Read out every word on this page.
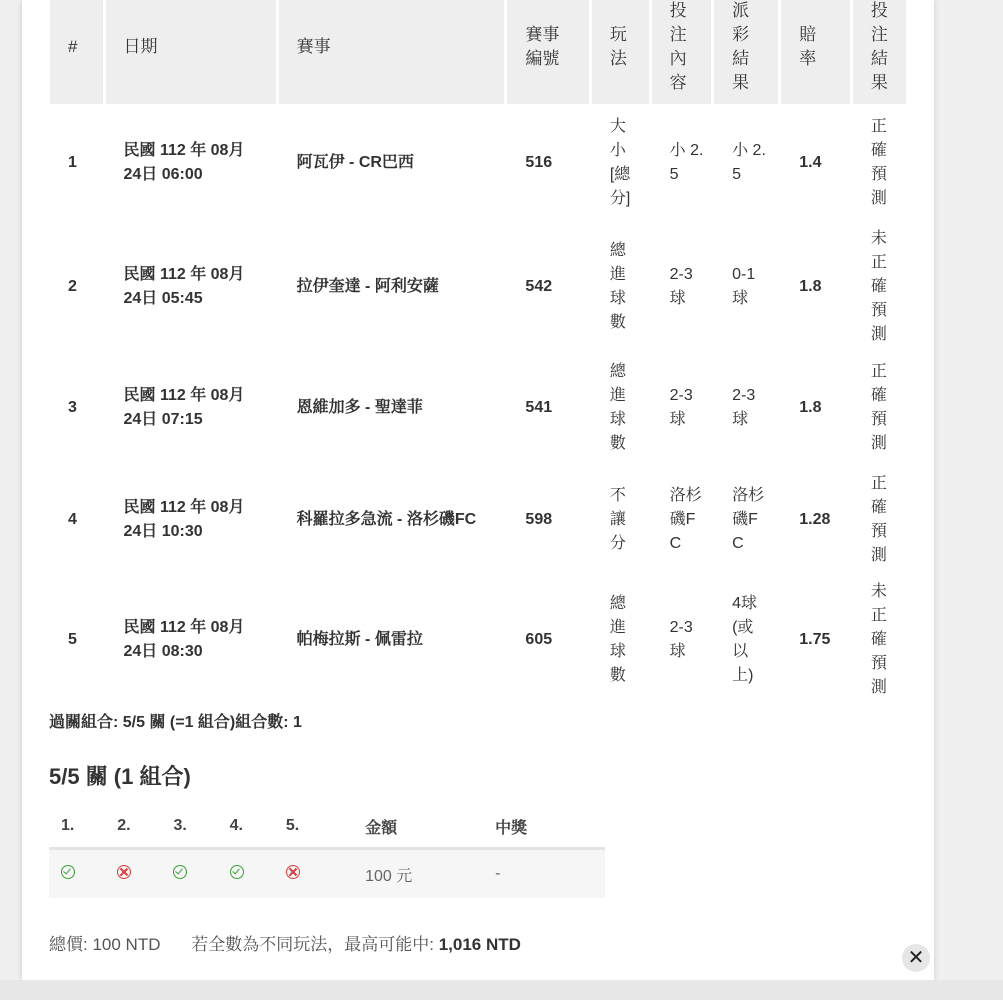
#	日期	賽事	賽事編號	玩法	投注內容	派彩結果	賠率	投注結果

1	民國 112 年 08月 24日 06:00	阿瓦伊 - CR巴西	516	大小[總分]	小 2.5	小 2.5	1.4	正確預測

2	民國 112 年 08月 24日 05:45	拉伊奎達 - 阿利安薩	542	總進球數	2-3球	0-1球	1.8	未正確預測

3	民國 112 年 08月 24日 07:15	恩維加多 - 聖達菲	541	總進球數	2-3球	2-3球	1.8	正確預測

4	民國 112 年 08月 24日 10:30	科羅拉多急流 - 洛杉磯FC	598	不讓分	洛杉磯FC	洛杉磯FC	1.28	正確預測

5	民國 112 年 08月 24日 08:30	帕梅拉斯 - 佩雷拉	605	總進球數	2-3球	4球(或以上)	1.75	未正確預測
過關組合: 5/5 關 (=1 組合)組合數: 1
5/5 關 (1 組合)
1.	2.	3.	4.	5.	金額	中獎
					100 元	-
總價: 100 NTD 若全數為不同玩法，最高可能中: 1,016 NTD
✕
